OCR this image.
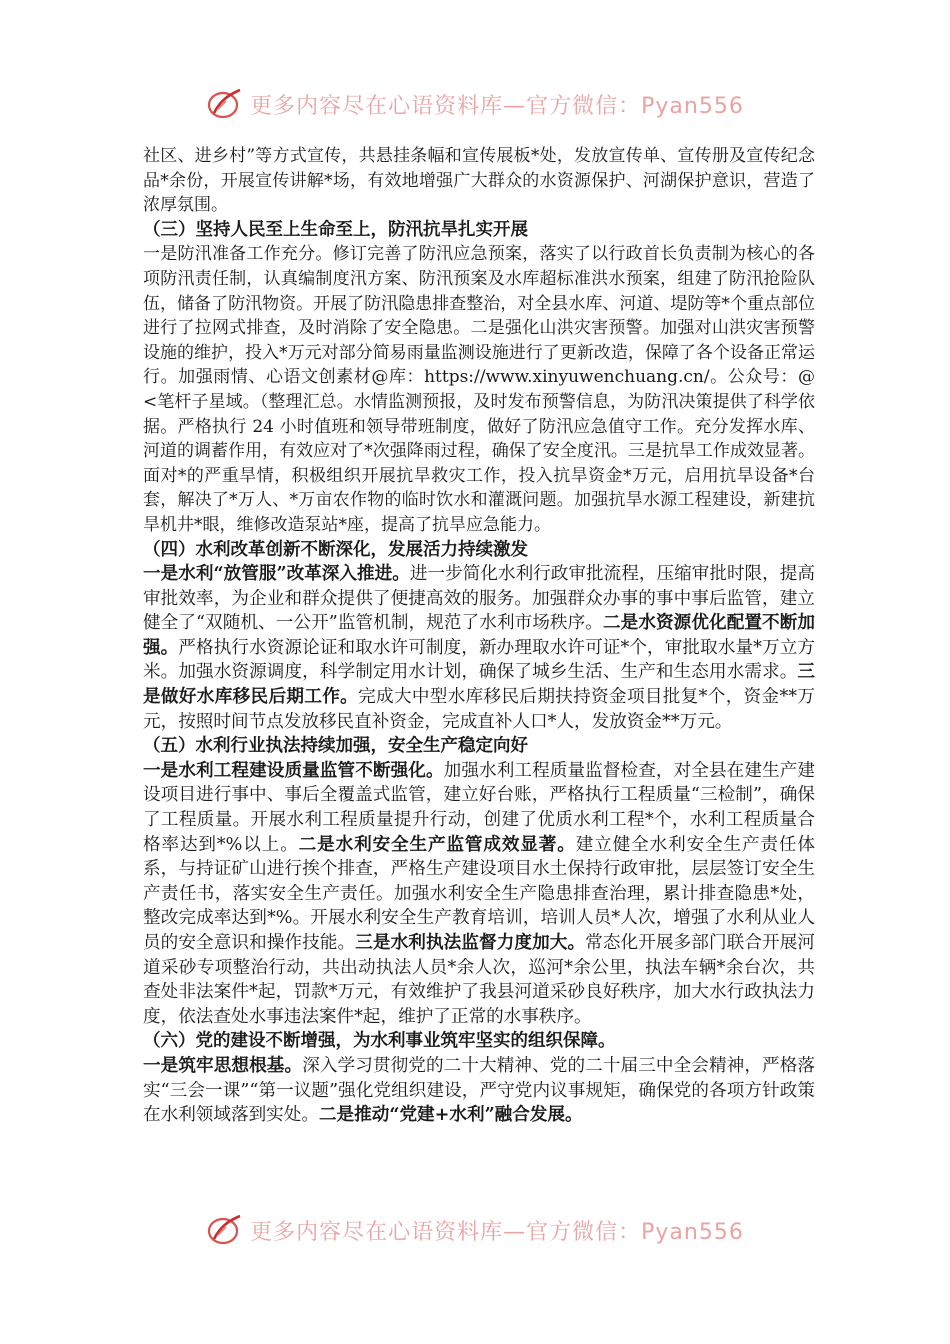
更多内容尽在心语资料库—官方微信：Pyan556

社区、进乡村”等方式宣传，共悬挂条幅和宣传展板*处，发放宣传单、宣传册及宣传纪念品*余份，开展宣传讲解*场，有效地增强广大群众的水资源保护、河湖保护意识，营造了浓厚氛围。

（三）坚持人民至上生命至上，防汛抗旱扎实开展

一是防汛准备工作充分。修订完善了防汛应急预案，落实了以行政首长负责制为核心的各项防汛责任制，认真编制度汛方案、防汛预案及水库超标准洪水预案，组建了防汛抢险队伍，储备了防汛物资。开展了防汛隐患排查整治，对全县水库、河道、堤防等*个重点部位进行了拉网式排查，及时消除了安全隐患。二是强化山洪灾害预警。加强对山洪灾害预警设施的维护，投入*万元对部分简易雨量监测设施进行了更新改造，保障了各个设备正常运行。加强雨情、心语文创素材@库：https://www.xinyuwenchuang.cn/。公众号：@<笔杆子星域。（整理汇总。水情监测预报，及时发布预警信息，为防汛决策提供了科学依据。严格执行 24 小时值班和领导带班制度，做好了防汛应急值守工作。充分发挥水库、河道的调蓄作用，有效应对了*次强降雨过程，确保了安全度汛。三是抗旱工作成效显著。面对*的严重旱情，积极组织开展抗旱救灾工作，投入抗旱资金*万元，启用抗旱设备*台套，解决了*万人、*万亩农作物的临时饮水和灌溉问题。加强抗旱水源工程建设，新建抗旱机井*眼，维修改造泵站*座，提高了抗旱应急能力。

（四）水利改革创新不断深化，发展活力持续激发

一是水利“放管服”改革深入推进。进一步简化水利行政审批流程，压缩审批时限，提高审批效率，为企业和群众提供了便捷高效的服务。加强群众办事的事中事后监管，建立健全了“双随机、一公开”监管机制，规范了水利市场秩序。二是水资源优化配置不断加强。严格执行水资源论证和取水许可制度，新办理取水许可证*个，审批取水量*万立方米。加强水资源调度，科学制定用水计划，确保了城乡生活、生产和生态用水需求。三是做好水库移民后期工作。完成大中型水库移民后期扶持资金项目批复*个，资金**万元，按照时间节点发放移民直补资金，完成直补人口*人，发放资金**万元。

（五）水利行业执法持续加强，安全生产稳定向好

一是水利工程建设质量监管不断强化。加强水利工程质量监督检查，对全县在建生产建设项目进行事中、事后全覆盖式监管，建立好台账，严格执行工程质量“三检制”，确保了工程质量。开展水利工程质量提升行动，创建了优质水利工程*个，水利工程质量合格率达到*%以上。二是水利安全生产监管成效显著。建立健全水利安全生产责任体系，与持证矿山进行挨个排查，严格生产建设项目水土保持行政审批，层层签订安全生产责任书，落实安全生产责任。加强水利安全生产隐患排查治理，累计排查隐患*处，整改完成率达到*%。开展水利安全生产教育培训，培训人员*人次，增强了水利从业人员的安全意识和操作技能。三是水利执法监督力度加大。常态化开展多部门联合开展河道采砂专项整治行动，共出动执法人员*余人次，巡河*余公里，执法车辆*余台次，共查处非法案件*起，罚款*万元，有效维护了我县河道采砂良好秩序，加大水行政执法力度，依法查处水事违法案件*起，维护了正常的水事秩序。

（六）党的建设不断增强，为水利事业筑牢坚实的组织保障。

一是筑牢思想根基。深入学习贯彻党的二十大精神、党的二十届三中全会精神，严格落实“三会一课”“第一议题”强化党组织建设，严守党内议事规矩，确保党的各项方针政策在水利领域落到实处。二是推动“党建+水利”融合发展。

更多内容尽在心语资料库—官方微信：Pyan556
